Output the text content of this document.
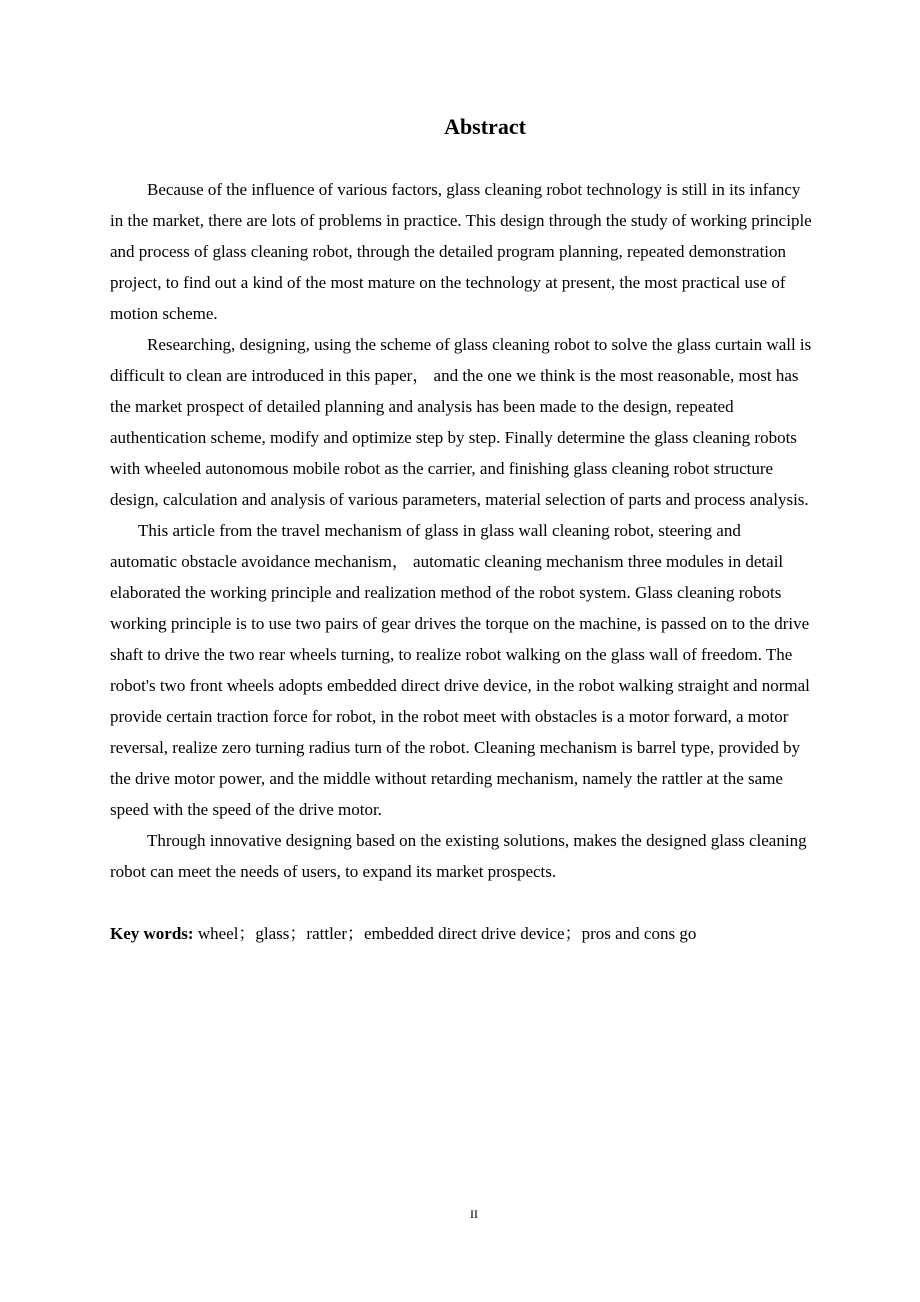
Abstract

Because of the influence of various factors, glass cleaning robot technology is still in its infancy in the market, there are lots of problems in practice. This design through the study of working principle and process of glass cleaning robot, through the detailed program planning, repeated demonstration project, to find out a kind of the most mature on the technology at present, the most practical use of motion scheme.

Researching, designing, using the scheme of glass cleaning robot to solve the glass curtain wall is difficult to clean are introduced in this paper， and the one we think is the most reasonable, most has the market prospect of detailed planning and analysis has been made to the design, repeated authentication scheme, modify and optimize step by step. Finally determine the glass cleaning robots with wheeled autonomous mobile robot as the carrier, and finishing glass cleaning robot structure design, calculation and analysis of various parameters, material selection of parts and process analysis.

This article from the travel mechanism of glass in glass wall cleaning robot, steering and automatic obstacle avoidance mechanism， automatic cleaning mechanism three modules in detail elaborated the working principle and realization method of the robot system. Glass cleaning robots working principle is to use two pairs of gear drives the torque on the machine, is passed on to the drive shaft to drive the two rear wheels turning, to realize robot walking on the glass wall of freedom. The robot's two front wheels adopts embedded direct drive device, in the robot walking straight and normal provide certain traction force for robot, in the robot meet with obstacles is a motor forward, a motor reversal, realize zero turning radius turn of the robot. Cleaning mechanism is barrel type, provided by the drive motor power, and the middle without retarding mechanism, namely the rattler at the same speed with the speed of the drive motor.

Through innovative designing based on the existing solutions, makes the designed glass cleaning robot can meet the needs of users, to expand its market prospects.

Key words: wheel；glass；rattler；embedded direct drive device；pros and cons go

II
